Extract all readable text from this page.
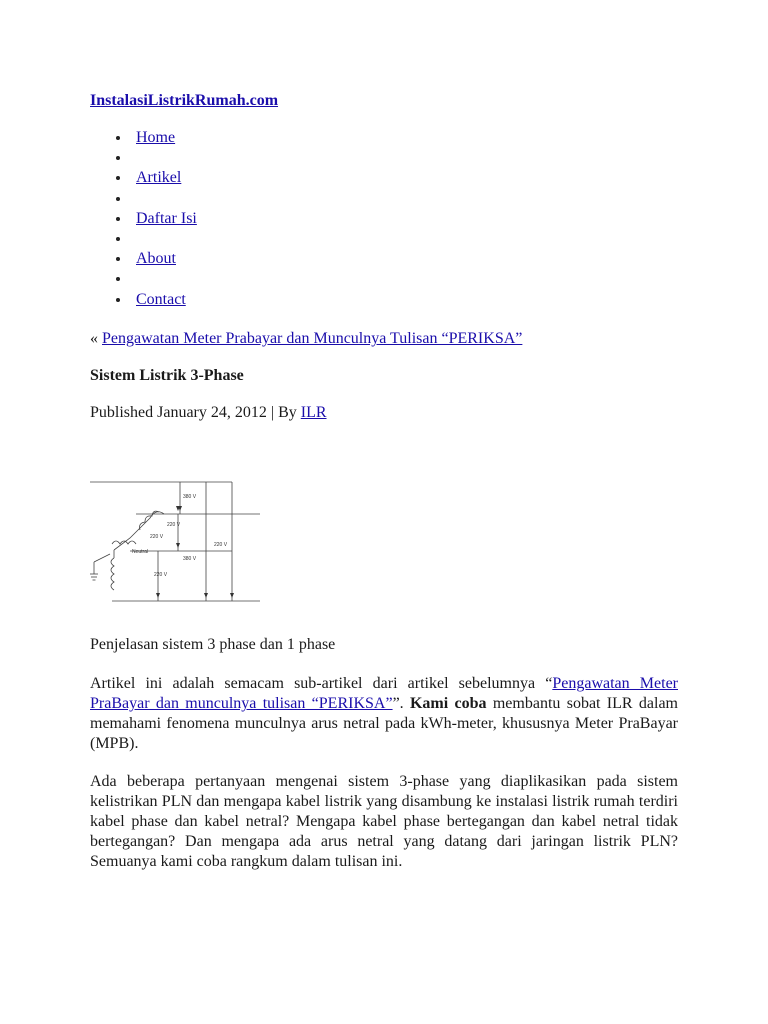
InstalasiListrikRumah.com
Home
Artikel
Daftar Isi
About
Contact

« Pengawatan Meter Prabayar dan Munculnya Tulisan “PERIKSA”

Sistem Listrik 3-Phase

Published January 24, 2012 | By ILR

380 V
220 V
220 V
Neutral
380 V
220 V
220 V

Penjelasan sistem 3 phase dan 1 phase

Artikel ini adalah semacam sub-artikel dari artikel sebelumnya “Pengawatan Meter PraBayar dan munculnya tulisan “PERIKSA””. Kami coba membantu sobat ILR dalam memahami fenomena munculnya arus netral pada kWh-meter, khususnya Meter PraBayar (MPB).

Ada beberapa pertanyaan mengenai sistem 3-phase yang diaplikasikan pada sistem kelistrikan PLN dan mengapa kabel listrik yang disambung ke instalasi listrik rumah terdiri kabel phase dan kabel netral? Mengapa kabel phase bertegangan dan kabel netral tidak bertegangan? Dan mengapa ada arus netral yang datang dari jaringan listrik PLN? Semuanya kami coba rangkum dalam tulisan ini.
